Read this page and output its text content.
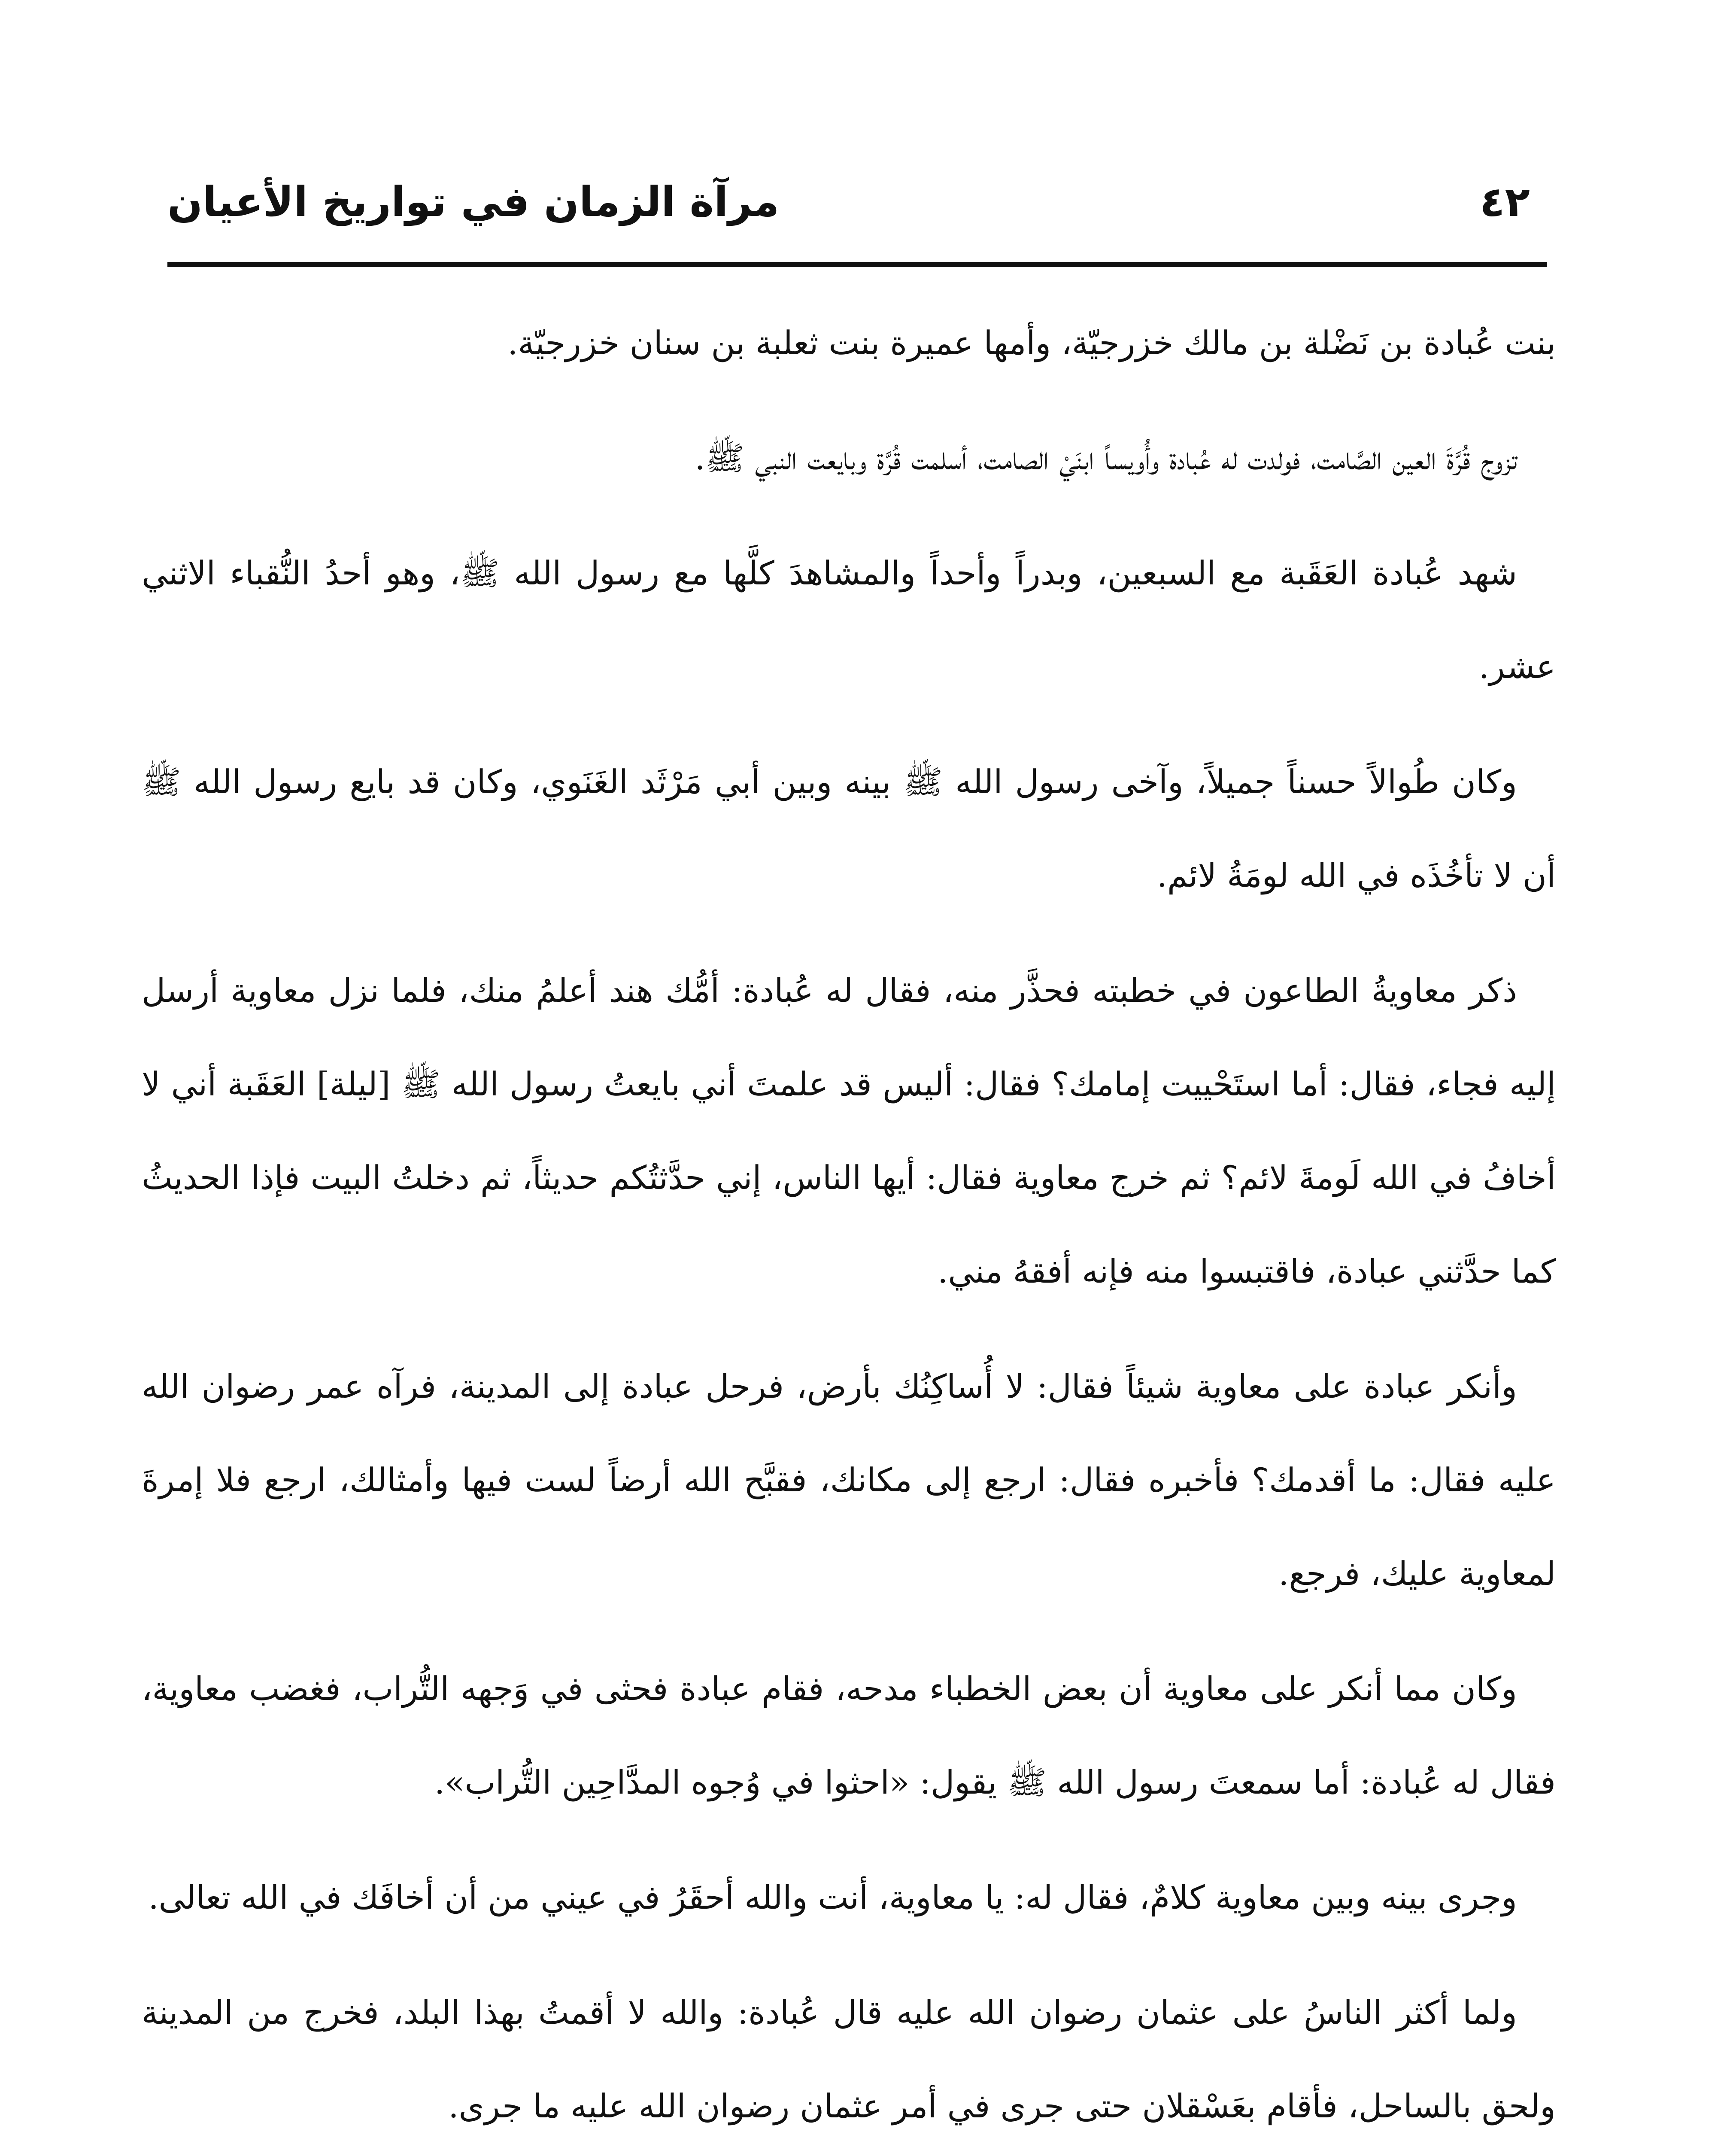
مرآة الزمان في تواريخ الأعيان	٤٢

بنت عُبادة بن نَضْلة بن مالك خزرجيّة، وأمها عميرة بنت ثعلبة بن سنان خزرجيّة.

تزوج قُرَّةَ العين الصَّامت، فولدت له عُبادة وأُويساً ابنَيْ الصامت، أسلمت قُرَّة وبايعت النبي ﷺ.

شهد عُبادة العَقَبة مع السبعين، وبدراً وأحداً والمشاهدَ كلَّها مع رسول الله ﷺ، وهو أحدُ النُّقباء الاثني عشر.

وكان طُوالاً حسناً جميلاً، وآخى رسول الله ﷺ بينه وبين أبي مَرْثَد الغَنَوي، وكان قد بايع رسول الله ﷺ أن لا تأخُذَه في الله لومَةُ لائم.

ذكر معاويةُ الطاعون في خطبته فحذَّر منه، فقال له عُبادة: أمُّك هند أعلمُ منك، فلما نزل معاوية أرسل إليه فجاء، فقال: أما استَحْييت إمامك؟ فقال: أليس قد علمتَ أني بايعتُ رسول الله ﷺ [ليلة] العَقَبة أني لا أخافُ في الله لَومةَ لائم؟ ثم خرج معاوية فقال: أيها الناس، إني حدَّثتُكم حديثاً، ثم دخلتُ البيت فإذا الحديثُ كما حدَّثني عبادة، فاقتبسوا منه فإنه أفقهُ مني.

وأنكر عبادة على معاوية شيئاً فقال: لا أُساكِنُك بأرض، فرحل عبادة إلى المدينة، فرآه عمر رضوان الله عليه فقال: ما أقدمك؟ فأخبره فقال: ارجع إلى مكانك، فقبَّح الله أرضاً لست فيها وأمثالك، ارجع فلا إمرةَ لمعاوية عليك، فرجع.

وكان مما أنكر على معاوية أن بعض الخطباء مدحه، فقام عبادة فحثى في وَجهه التُّراب، فغضب معاوية، فقال له عُبادة: أما سمعتَ رسول الله ﷺ يقول: «احثوا في وُجوه المدَّاحِين التُّراب».

وجرى بينه وبين معاوية كلامٌ، فقال له: يا معاوية، أنت والله أحقَرُ في عيني من أن أخافَك في الله تعالى.

ولما أكثر الناسُ على عثمان رضوان الله عليه قال عُبادة: والله لا أقمتُ بهذا البلد، فخرج من المدينة ولحق بالساحل، فأقام بعَسْقلان حتى جرى في أمر عثمان رضوان الله عليه ما جرى.
